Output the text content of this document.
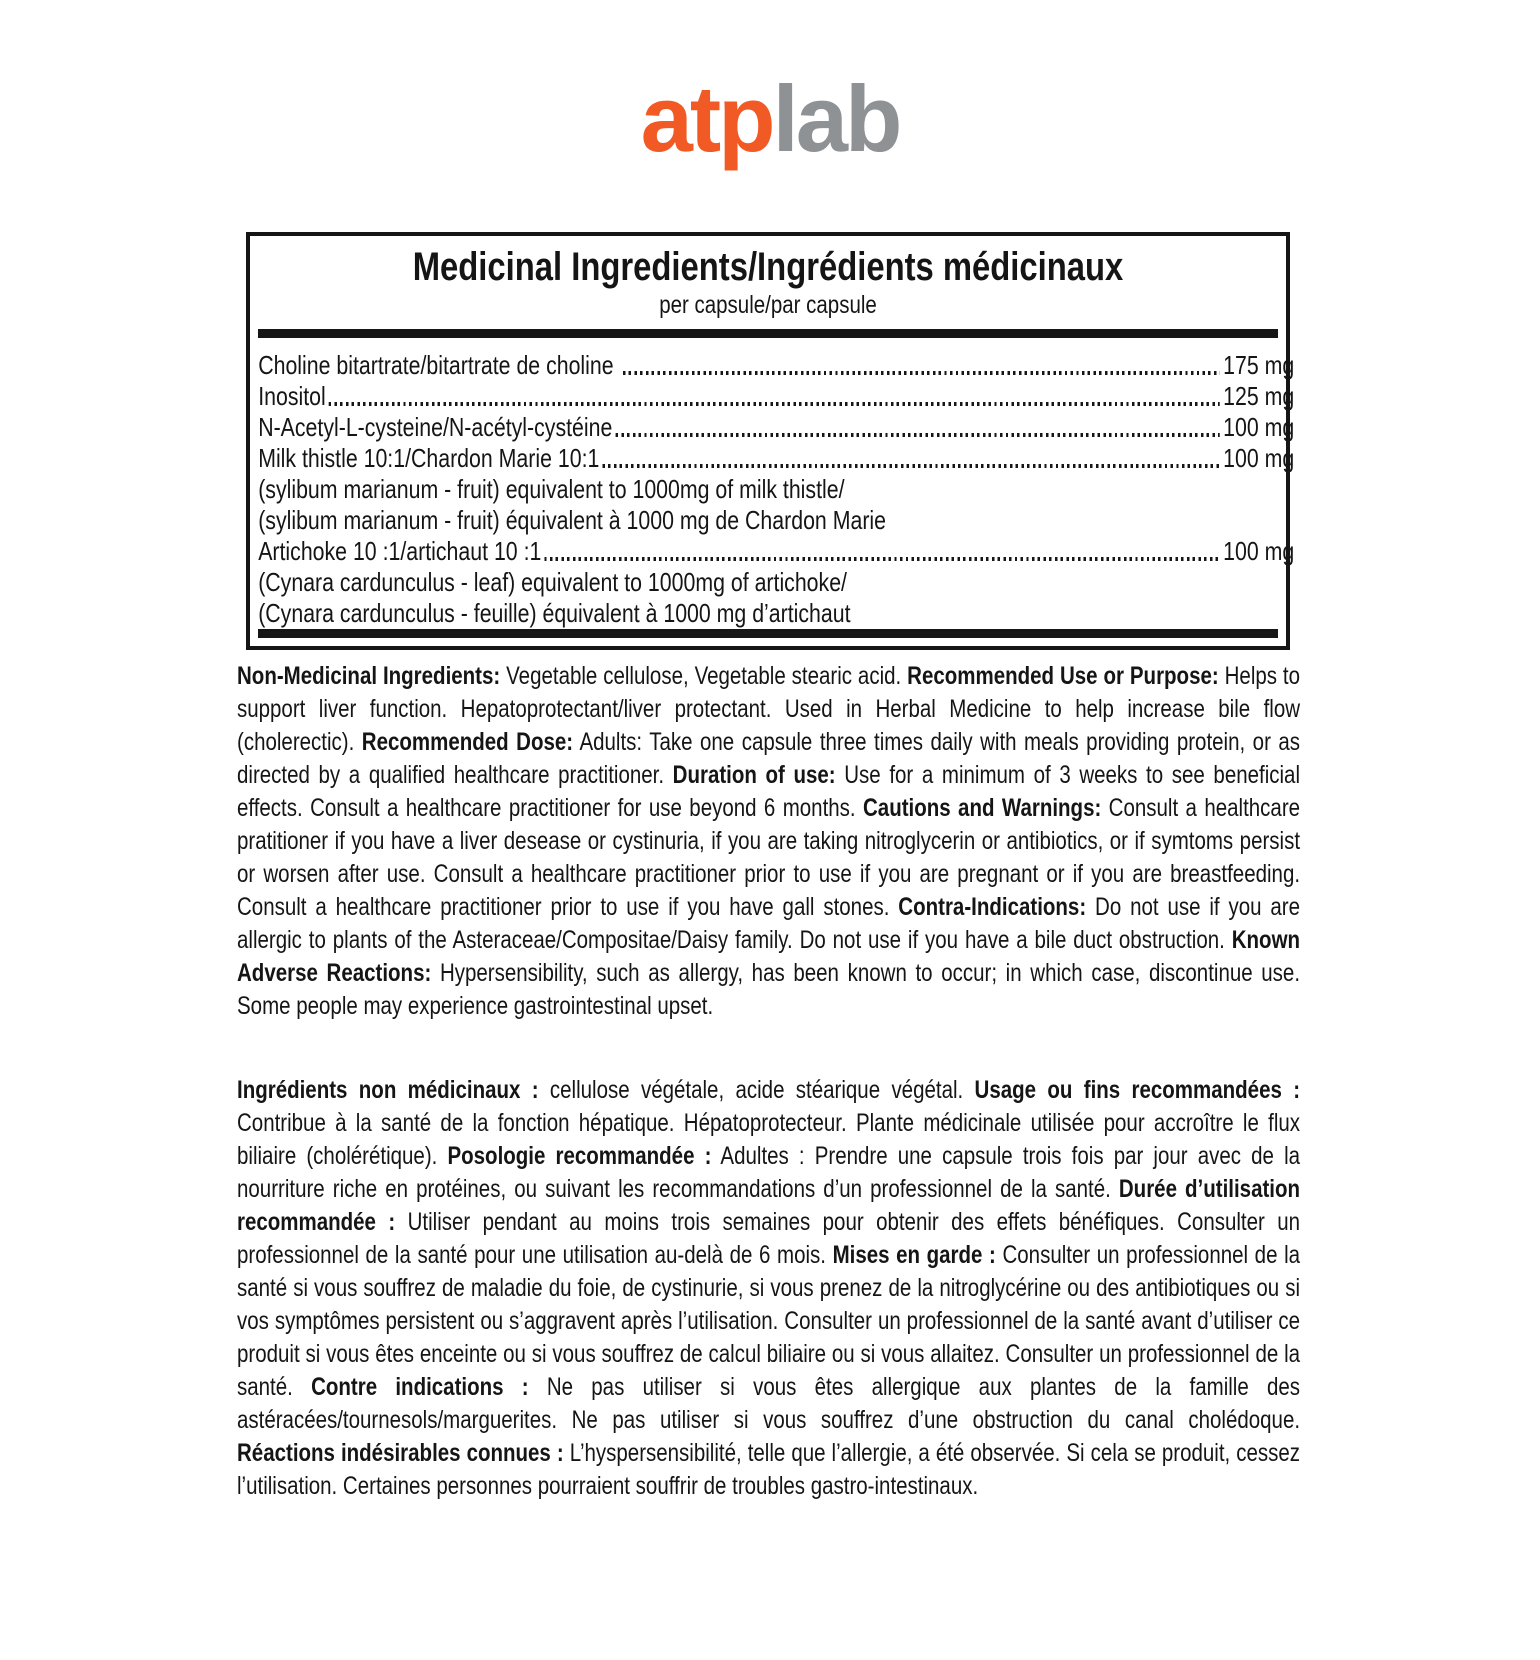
atplab
Medicinal Ingredients/Ingrédients médicinaux
per capsule/par capsule
Choline bitartrate/bitartrate de choline	175 mg
Inositol	125 mg
N-Acetyl-L-cysteine/N-acétyl-cystéine	100 mg
Milk thistle 10:1/Chardon Marie 10:1	100 mg
(sylibum marianum - fruit) equivalent to 1000mg of milk thistle/
(sylibum marianum - fruit) équivalent à 1000 mg de Chardon Marie
Artichoke 10 :1/artichaut 10 :1	100 mg
(Cynara cardunculus - leaf) equivalent to 1000mg of artichoke/
(Cynara cardunculus - feuille) équivalent à 1000 mg d’artichaut
Non-Medicinal Ingredients: Vegetable cellulose, Vegetable stearic acid. Recommended Use or Purpose: Helps to support liver function. Hepatoprotectant/liver protectant. Used in Herbal Medicine to help increase bile flow (cholerectic). Recommended Dose: Adults: Take one capsule three times daily with meals providing protein, or as directed by a qualified healthcare practitioner. Duration of use: Use for a minimum of 3 weeks to see beneficial effects. Consult a healthcare practitioner for use beyond 6 months. Cautions and Warnings: Consult a healthcare pratitioner if you have a liver desease or cystinuria, if you are taking nitroglycerin or antibiotics, or if symtoms persist or worsen after use. Consult a healthcare practitioner prior to use if you are pregnant or if you are breastfeeding. Consult a healthcare practitioner prior to use if you have gall stones. Contra-Indications: Do not use if you are allergic to plants of the Asteraceae/Compositae/Daisy family. Do not use if you have a bile duct obstruction. Known Adverse Reactions: Hypersensibility, such as allergy, has been known to occur; in which case, discontinue use. Some people may experience gastrointestinal upset.
Ingrédients non médicinaux : cellulose végétale, acide stéarique végétal. Usage ou fins recommandées : Contribue à la santé de la fonction hépatique. Hépatoprotecteur. Plante médicinale utilisée pour accroître le flux biliaire (cholérétique). Posologie recommandée : Adultes : Prendre une capsule trois fois par jour avec de la nourriture riche en protéines, ou suivant les recommandations d’un professionnel de la santé. Durée d’utilisation recommandée : Utiliser pendant au moins trois semaines pour obtenir des effets bénéfiques. Consulter un professionnel de la santé pour une utilisation au-delà de 6 mois. Mises en garde : Consulter un professionnel de la santé si vous souffrez de maladie du foie, de cystinurie, si vous prenez de la nitroglycérine ou des antibiotiques ou si vos symptômes persistent ou s’aggravent après l’utilisation. Consulter un professionnel de la santé avant d’utiliser ce produit si vous êtes enceinte ou si vous souffrez de calcul biliaire ou si vous allaitez. Consulter un professionnel de la santé. Contre indications : Ne pas utiliser si vous êtes allergique aux plantes de la famille des astéracées/tournesols/marguerites. Ne pas utiliser si vous souffrez d’une obstruction du canal cholédoque. Réactions indésirables connues : L’hyspersensibilité, telle que l’allergie, a été observée. Si cela se produit, cessez l’utilisation. Certaines personnes pourraient souffrir de troubles gastro-intestinaux.
